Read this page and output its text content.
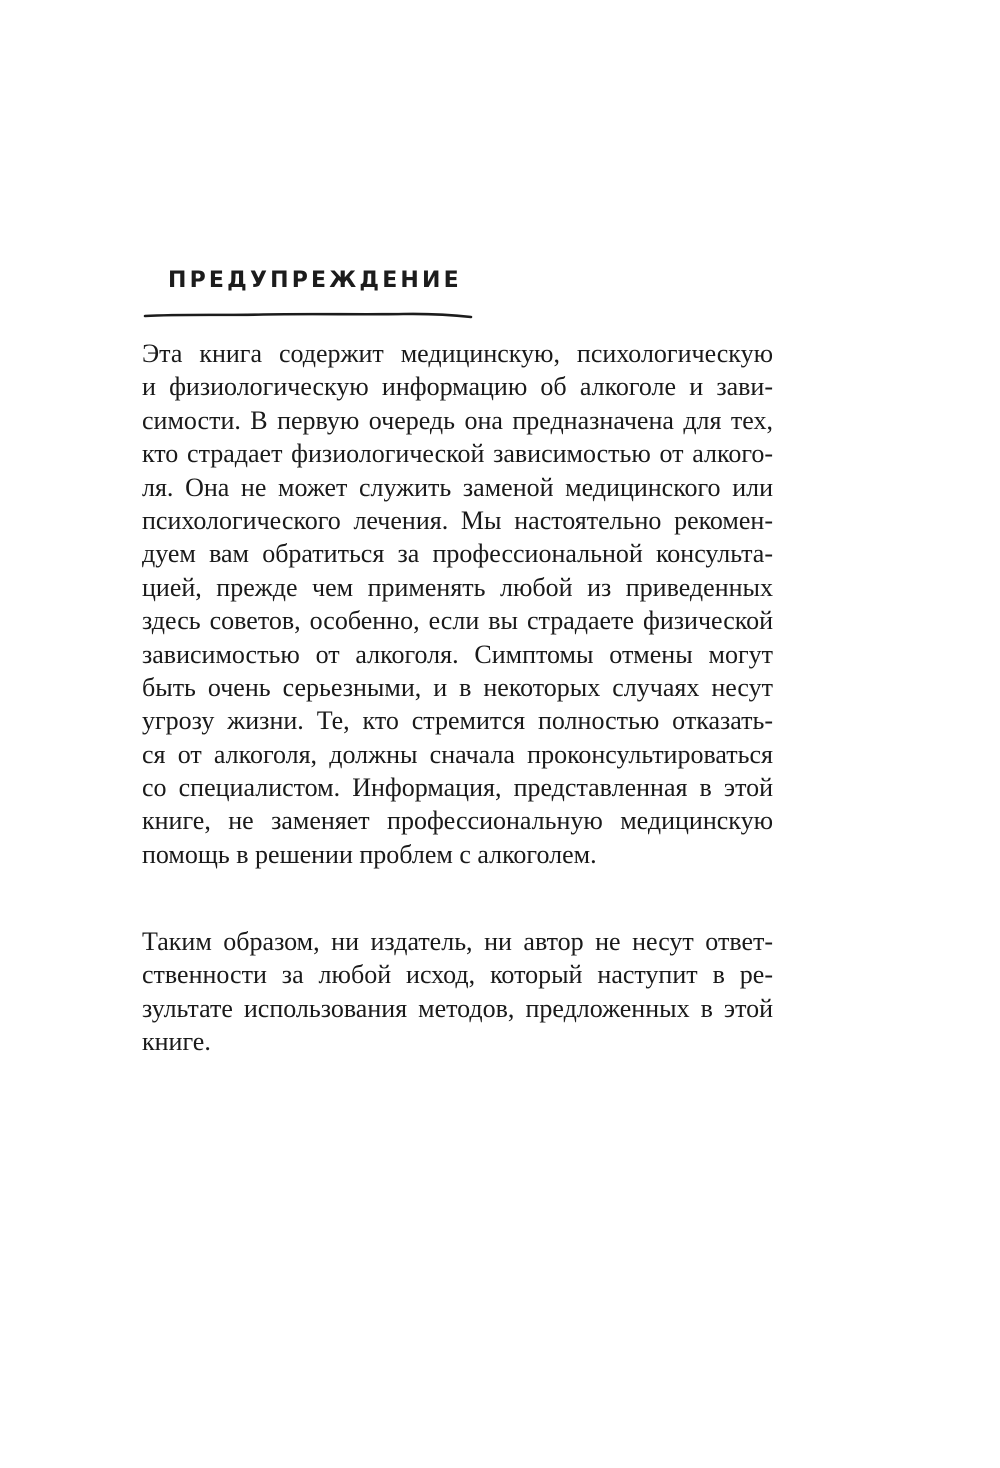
ПРЕДУПРЕЖДЕНИЕ
Эта книга содержит медицинскую, психологическую
и физиологическую информацию об алкоголе и зави-
симости. В первую очередь она предназначена для тех,
кто страдает физиологической зависимостью от алкого-
ля. Она не может служить заменой медицинского или
психологического лечения. Мы настоятельно рекомен-
дуем вам обратиться за профессиональной консульта-
цией, прежде чем применять любой из приведенных
здесь советов, особенно, если вы страдаете физической
зависимостью от алкоголя. Симптомы отмены могут
быть очень серьезными, и в некоторых случаях несут
угрозу жизни. Те, кто стремится полностью отказать-
ся от алкоголя, должны сначала проконсультироваться
со специалистом. Информация, представленная в этой
книге, не заменяет профессиональную медицинскую
помощь в решении проблем с алкоголем.
Таким образом, ни издатель, ни автор не несут ответ-
ственности за любой исход, который наступит в ре-
зультате использования методов, предложенных в этой
книге.
